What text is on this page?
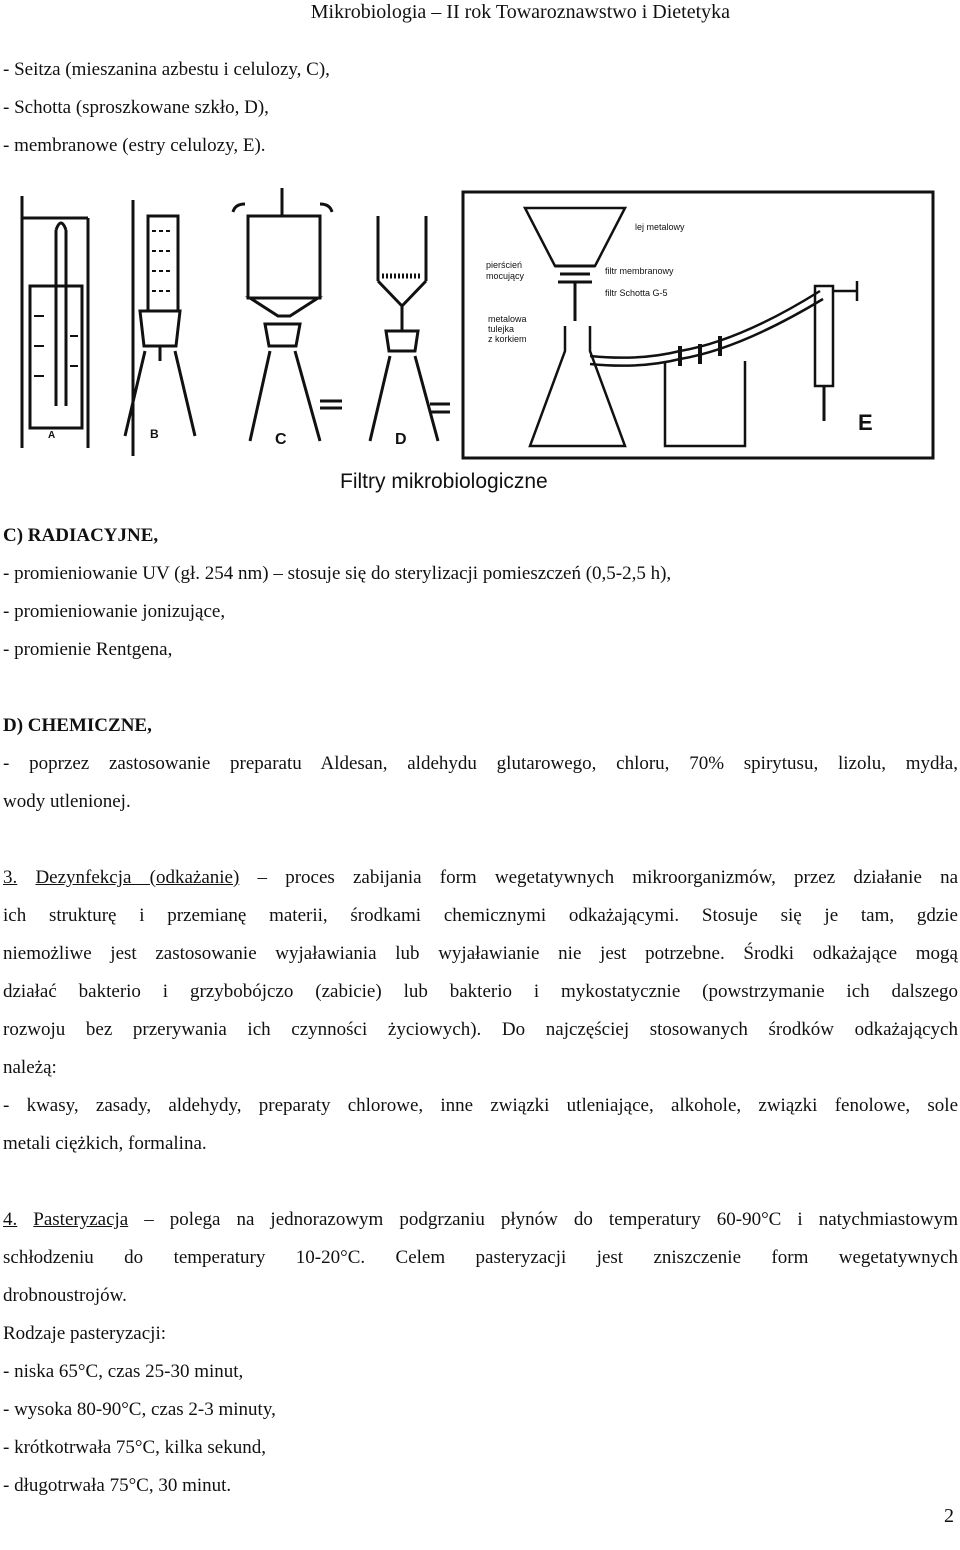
Mikrobiologia – II rok Towaroznawstwo i Dietetyka
- Seitza (mieszanina azbestu i celulozy, C),
- Schotta (sproszkowane szkło, D),
- membranowe (estry celulozy, E).
A	B	C	D
E
lej metalowy
pierścień
mocujący	filtr membranowy
filtr Schotta G-5
metalowa
tulejka
z korkiem
Filtry mikrobiologiczne
C) RADIACYJNE,
- promieniowanie UV (gł. 254 nm) – stosuje się do sterylizacji pomieszczeń (0,5-2,5 h),
- promieniowanie jonizujące,
- promienie Rentgena,
D) CHEMICZNE,
- poprzez zastosowanie preparatu Aldesan, aldehydu glutarowego, chloru, 70% spirytusu, lizolu, mydła,
wody utlenionej.
3. Dezynfekcja (odkażanie) – proces zabijania form wegetatywnych mikroorganizmów, przez działanie na
ich strukturę i przemianę materii, środkami chemicznymi odkażającymi. Stosuje się je tam, gdzie
niemożliwe jest zastosowanie wyjaławiania lub wyjaławianie nie jest potrzebne. Środki odkażające mogą
działać bakterio i grzybobójczo (zabicie) lub bakterio i mykostatycznie (powstrzymanie ich dalszego
rozwoju bez przerywania ich czynności życiowych). Do najczęściej stosowanych środków odkażających
należą:
- kwasy, zasady, aldehydy, preparaty chlorowe, inne związki utleniające, alkohole, związki fenolowe, sole
metali ciężkich, formalina.
4. Pasteryzacja – polega na jednorazowym podgrzaniu płynów do temperatury 60-90°C i natychmiastowym
schłodzeniu do temperatury 10-20°C. Celem pasteryzacji jest zniszczenie form wegetatywnych
drobnoustrojów.
Rodzaje pasteryzacji:
- niska 65°C, czas 25-30 minut,
- wysoka 80-90°C, czas 2-3 minuty,
- krótkotrwała 75°C, kilka sekund,
- długotrwała 75°C, 30 minut.
2
